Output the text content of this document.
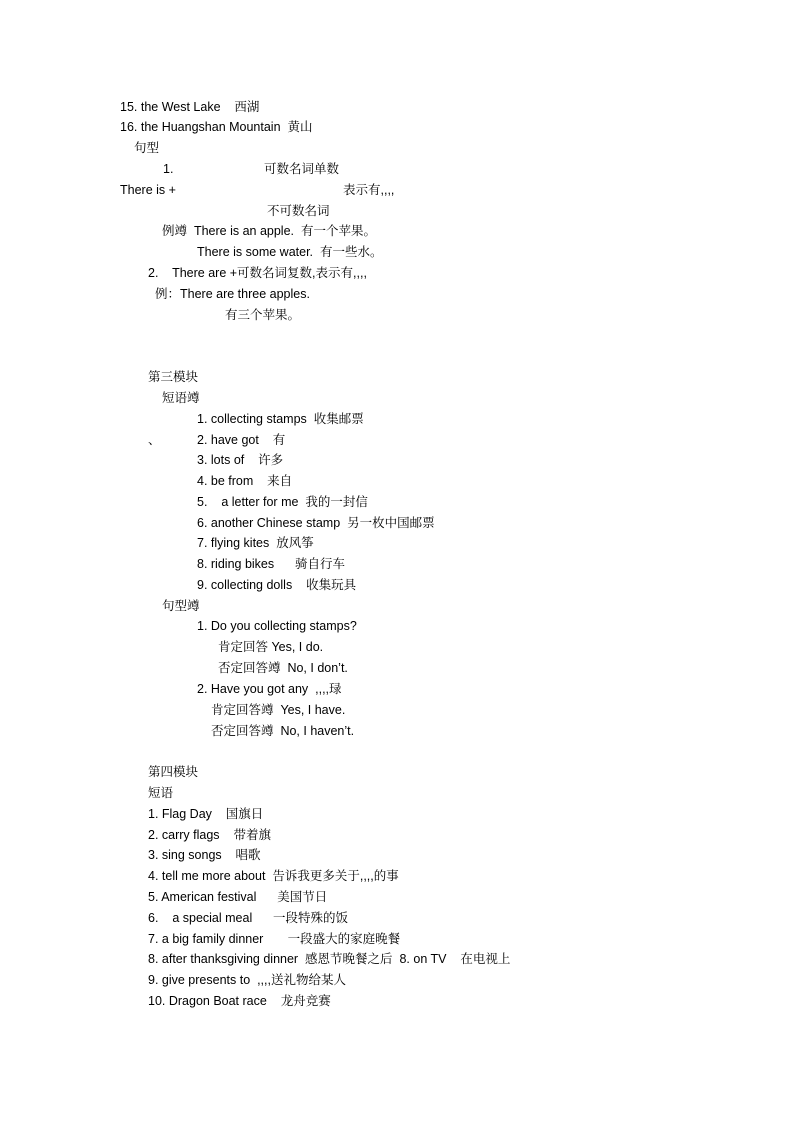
15. the West Lake    西湖
16. the Huangshan Mountain  黄山
句型
1.	可数名词单数
There is +	表示有,,,,
不可数名词
例竴  There is an apple.  有一个苹果。
There is some water.  有一些水。
2.    There are +可数名词复数,表示有,,,,
例：There are three apples.
有三个苹果。
第三模块
短语竴
、
1. collecting stamps  收集邮票
2. have got    有
3. lots of    许多
4. be from    来自
5.    a letter for me  我的一封信
6. another Chinese stamp  另一枚中国邮票
7. flying kites  放风筝
8. riding bikes      骑自行车
9. collecting dolls    收集玩具
句型竴
1. Do you collecting stamps?
肯定回答 Yes, I do.
否定回答竴  No, I don’t.
2. Have you got any  ,,,,琭
肯定回答竴  Yes, I have.
否定回答竴  No, I haven’t.
第四模块
短语
1. Flag Day    国旗日
2. carry flags    带着旗
3. sing songs    唱歌
4. tell me more about  告诉我更多关于,,,,的事
5. American festival      美国节日
6.    a special meal      一段特殊的饭
7. a big family dinner       一段盛大的家庭晚餐
8. after thanksgiving dinner  感恩节晚餐之后  8. on TV    在电视上
9. give presents to  ,,,,送礼物给某人
10. Dragon Boat race    龙舟竞赛
